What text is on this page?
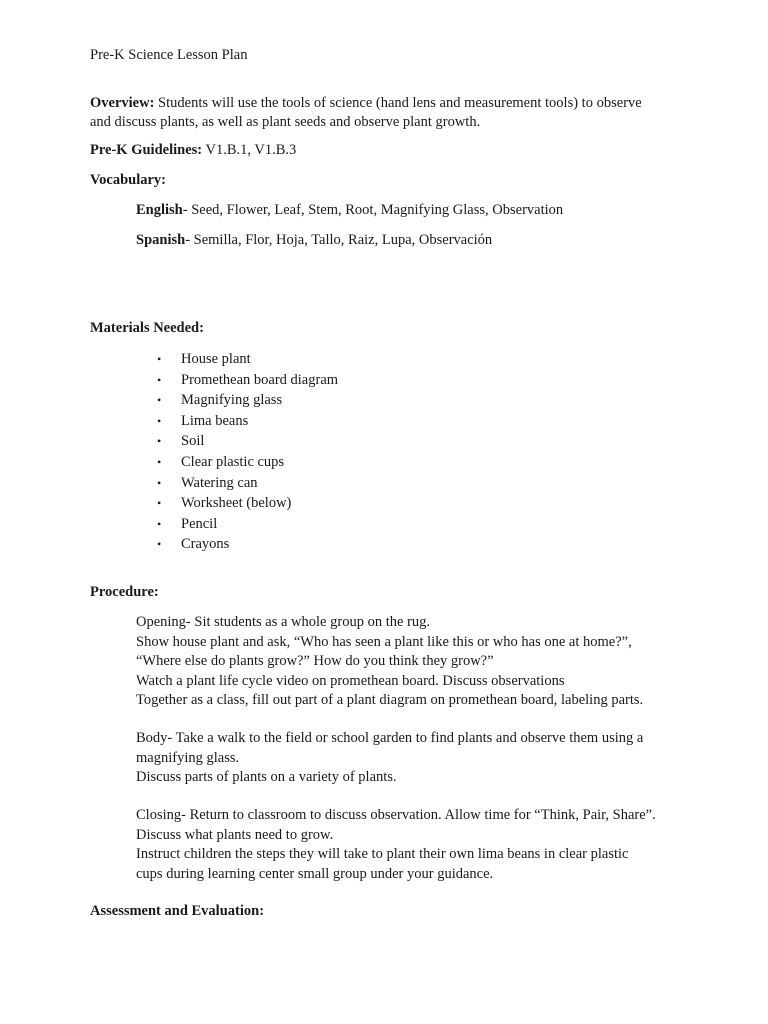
Pre-K Science Lesson Plan
Overview: Students will use the tools of science (hand lens and measurement tools) to observe
and discuss plants, as well as plant seeds and observe plant growth.
Pre-K Guidelines: V1.B.1, V1.B.3
Vocabulary:
English- Seed, Flower, Leaf, Stem, Root, Magnifying Glass, Observation
Spanish- Semilla, Flor, Hoja, Tallo, Raiz, Lupa, Observación
Materials Needed:
• House plant
• Promethean board diagram
• Magnifying glass
• Lima beans
• Soil
• Clear plastic cups
• Watering can
• Worksheet (below)
• Pencil
• Crayons
Procedure:
Opening- Sit students as a whole group on the rug.
Show house plant and ask, “Who has seen a plant like this or who has one at home?”,
“Where else do plants grow?” How do you think they grow?”
Watch a plant life cycle video on promethean board. Discuss observations
Together as a class, fill out part of a plant diagram on promethean board, labeling parts.
Body- Take a walk to the field or school garden to find plants and observe them using a
magnifying glass.
Discuss parts of plants on a variety of plants.
Closing- Return to classroom to discuss observation. Allow time for “Think, Pair, Share”.
Discuss what plants need to grow.
Instruct children the steps they will take to plant their own lima beans in clear plastic
cups during learning center small group under your guidance.
Assessment and Evaluation:
